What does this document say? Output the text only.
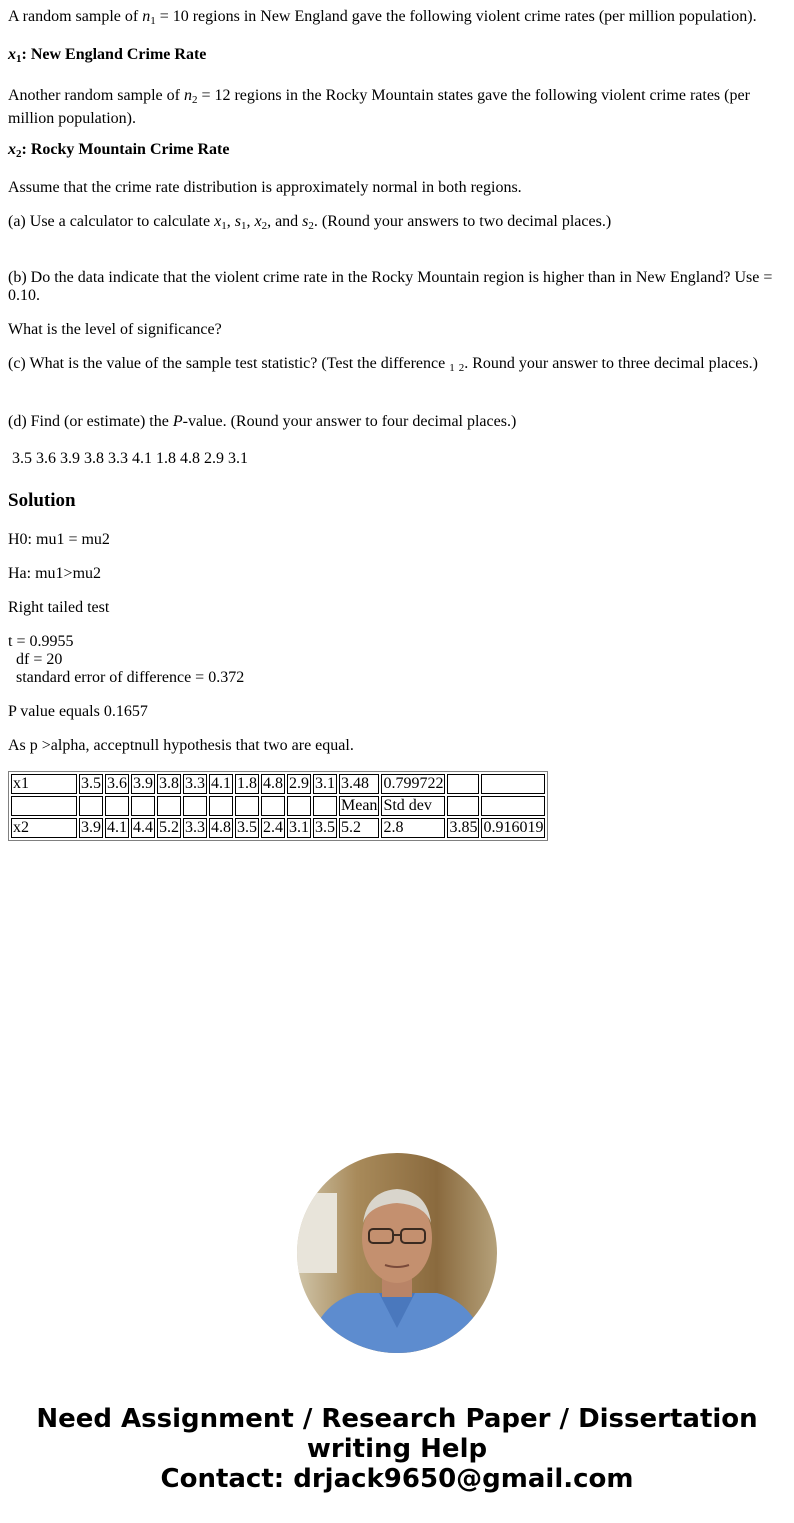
A random sample of $n_1 = 10$ regions in New England gave the following violent crime rates (per million population).

$x_1$: New England Crime Rate

Another random sample of $n_2 = 12$ regions in the Rocky Mountain states gave the following violent crime rates (per million population).

$x_2$: Rocky Mountain Crime Rate

Assume that the crime rate distribution is approximately normal in both regions.

(a) Use a calculator to calculate $x_1$, $s_1$, $x_2$, and $s_2$. (Round your answers to two decimal places.)

(b) Do the data indicate that the violent crime rate in the Rocky Mountain region is higher than in New England? Use = 0.10.

What is the level of significance?

(c) What is the value of the sample test statistic? (Test the difference $_1$ $_2$. Round your answer to three decimal places.)

(d) Find (or estimate) the P-value. (Round your answer to four decimal places.)

3.5 3.6 3.9 3.8 3.3 4.1 1.8 4.8 2.9 3.1

Solution

H0: mu1 = mu2

Ha: mu1>mu2

Right tailed test

t = 0.9955

df = 20

standard error of difference = 0.372

P value equals 0.1657

As p >alpha, acceptnull hypothesis that two are equal.

x1	3.5	3.6	3.9	3.8	3.3	4.1	1.8	4.8	2.9	3.1	3.48	0.799722		
											Mean	Std dev		
x2	3.9	4.1	4.4	5.2	3.3	4.8	3.5	2.4	3.1	3.5	5.2	2.8	3.85	0.916019
Need Assignment / Research Paper / Dissertation
writing Help
Contact: drjack9650@gmail.com
